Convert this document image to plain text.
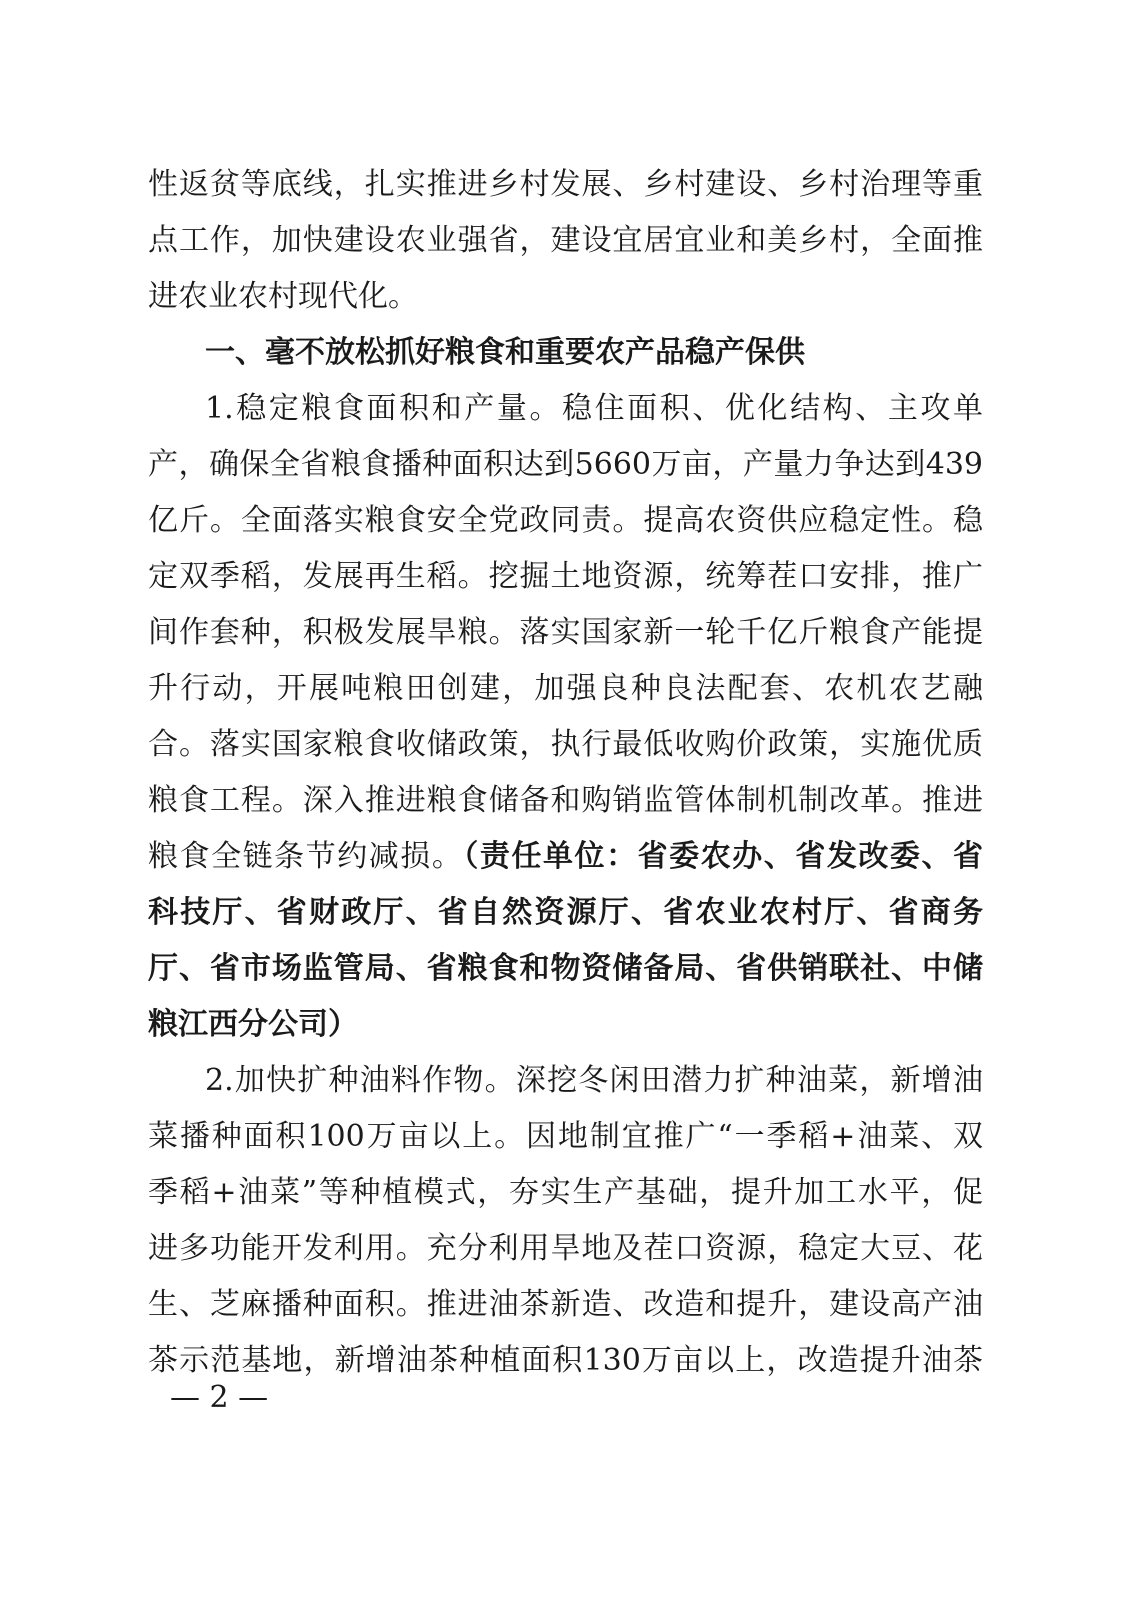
性返贫等底线，扎实推进乡村发展、乡村建设、乡村治理等重
点工作，加快建设农业强省，建设宜居宜业和美乡村，全面推
进农业农村现代化。
一、毫不放松抓好粮食和重要农产品稳产保供
1.稳定粮食面积和产量。稳住面积、优化结构、主攻单
产，确保全省粮食播种面积达到5660万亩，产量力争达到439
亿斤。全面落实粮食安全党政同责。提高农资供应稳定性。稳
定双季稻，发展再生稻。挖掘土地资源，统筹茬口安排，推广
间作套种，积极发展旱粮。落实国家新一轮千亿斤粮食产能提
升行动，开展吨粮田创建，加强良种良法配套、农机农艺融
合。落实国家粮食收储政策，执行最低收购价政策，实施优质
粮食工程。深入推进粮食储备和购销监管体制机制改革。推进
粮食全链条节约减损。（责任单位：省委农办、省发改委、省
科技厅、省财政厅、省自然资源厅、省农业农村厅、省商务
厅、省市场监管局、省粮食和物资储备局、省供销联社、中储
粮江西分公司）
2.加快扩种油料作物。深挖冬闲田潜力扩种油菜，新增油
菜播种面积100万亩以上。因地制宜推广“一季稻+油菜、双
季稻+油菜”等种植模式，夯实生产基础，提升加工水平，促
进多功能开发利用。充分利用旱地及茬口资源，稳定大豆、花
生、芝麻播种面积。推进油茶新造、改造和提升，建设高产油
茶示范基地，新增油茶种植面积130万亩以上，改造提升油茶
— 2 —
